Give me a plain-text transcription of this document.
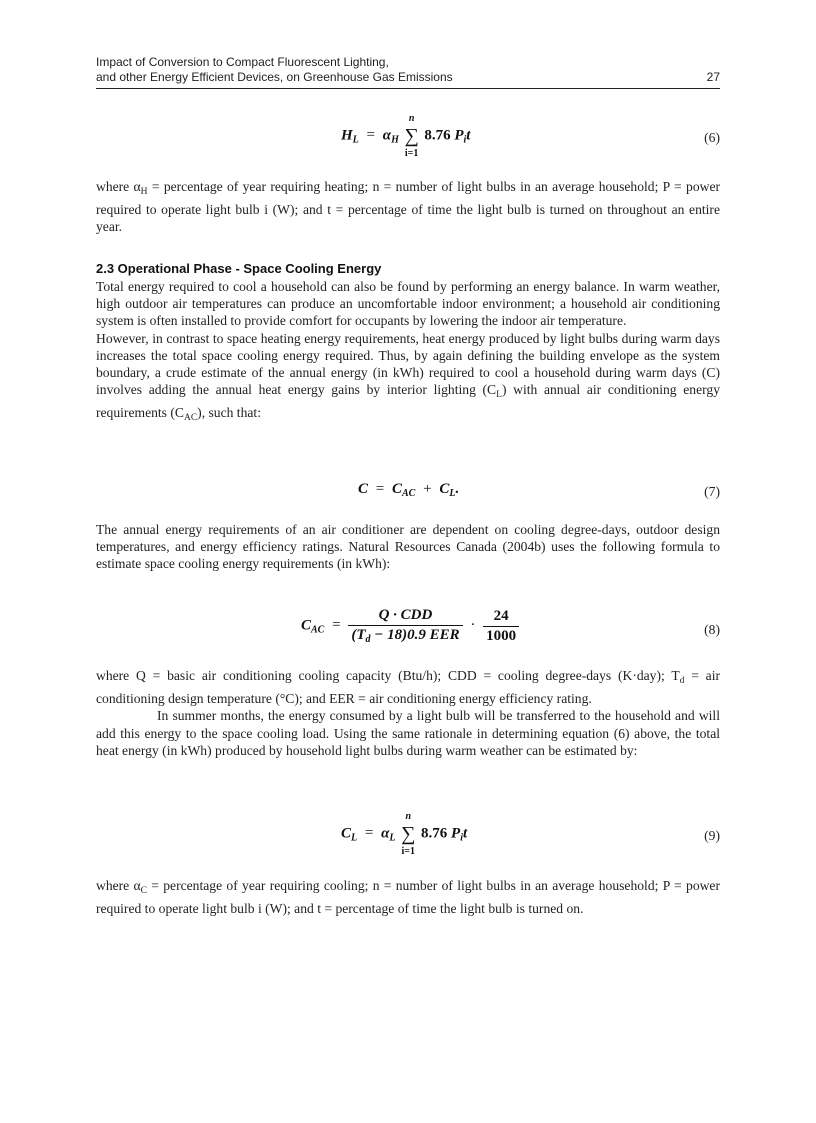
Impact of Conversion to Compact Fluorescent Lighting,
and other Energy Efficient Devices, on Greenhouse Gas Emissions	27
$H_L = \alpha_H$
n
∑
i=1
8.76 $P_it$	(6)

where $\alpha_H$ = percentage of year requiring heating; n = number of light bulbs in an average household; P = power required to operate light bulb i (W); and t = percentage of time the light bulb is turned on throughout an entire year.

2.3 Operational Phase - Space Cooling Energy

Total energy required to cool a household can also be found by performing an energy balance. In warm weather, high outdoor air temperatures can produce an uncomfortable indoor environment; a household air conditioning system is often installed to provide comfort for occupants by lowering the indoor air temperature.

However, in contrast to space heating energy requirements, heat energy produced by light bulbs during warm days increases the total space cooling energy required. Thus, by again defining the building envelope as the system boundary, a crude estimate of the annual energy (in kWh) required to cool a household during warm days (C) involves adding the annual heat energy gains by interior lighting $(C_L)$ with annual air conditioning energy requirements $(C_{AC})$, such that:

$C = C_{AC} + C_L$.	(7)

The annual energy requirements of an air conditioner are dependent on cooling degree-days, outdoor design temperatures, and energy efficiency ratings. Natural Resources Canada (2004b) uses the following formula to estimate space cooling energy requirements (in kWh):

$C_{AC} = \frac{\text{Q · CDD}}{(T_d - 18)0.9 EER} \cdot \frac{24}{1000}$	(8)

where Q = basic air conditioning cooling capacity (Btu/h); CDD = cooling degree-days (K·day); $T_d$ = air conditioning design temperature (°C); and EER = air conditioning energy efficiency rating.

In summer months, the energy consumed by a light bulb will be transferred to the household and will add this energy to the space cooling load. Using the same rationale in determining equation (6) above, the total heat energy (in kWh) produced by household light bulbs during warm weather can be estimated by:

$C_L = \alpha_L$
n
∑
i=1
8.76 $P_it$	(9)

where $\alpha_C$ = percentage of year requiring cooling; n = number of light bulbs in an average household; P = power required to operate light bulb i (W); and t = percentage of time the light bulb is turned on.
